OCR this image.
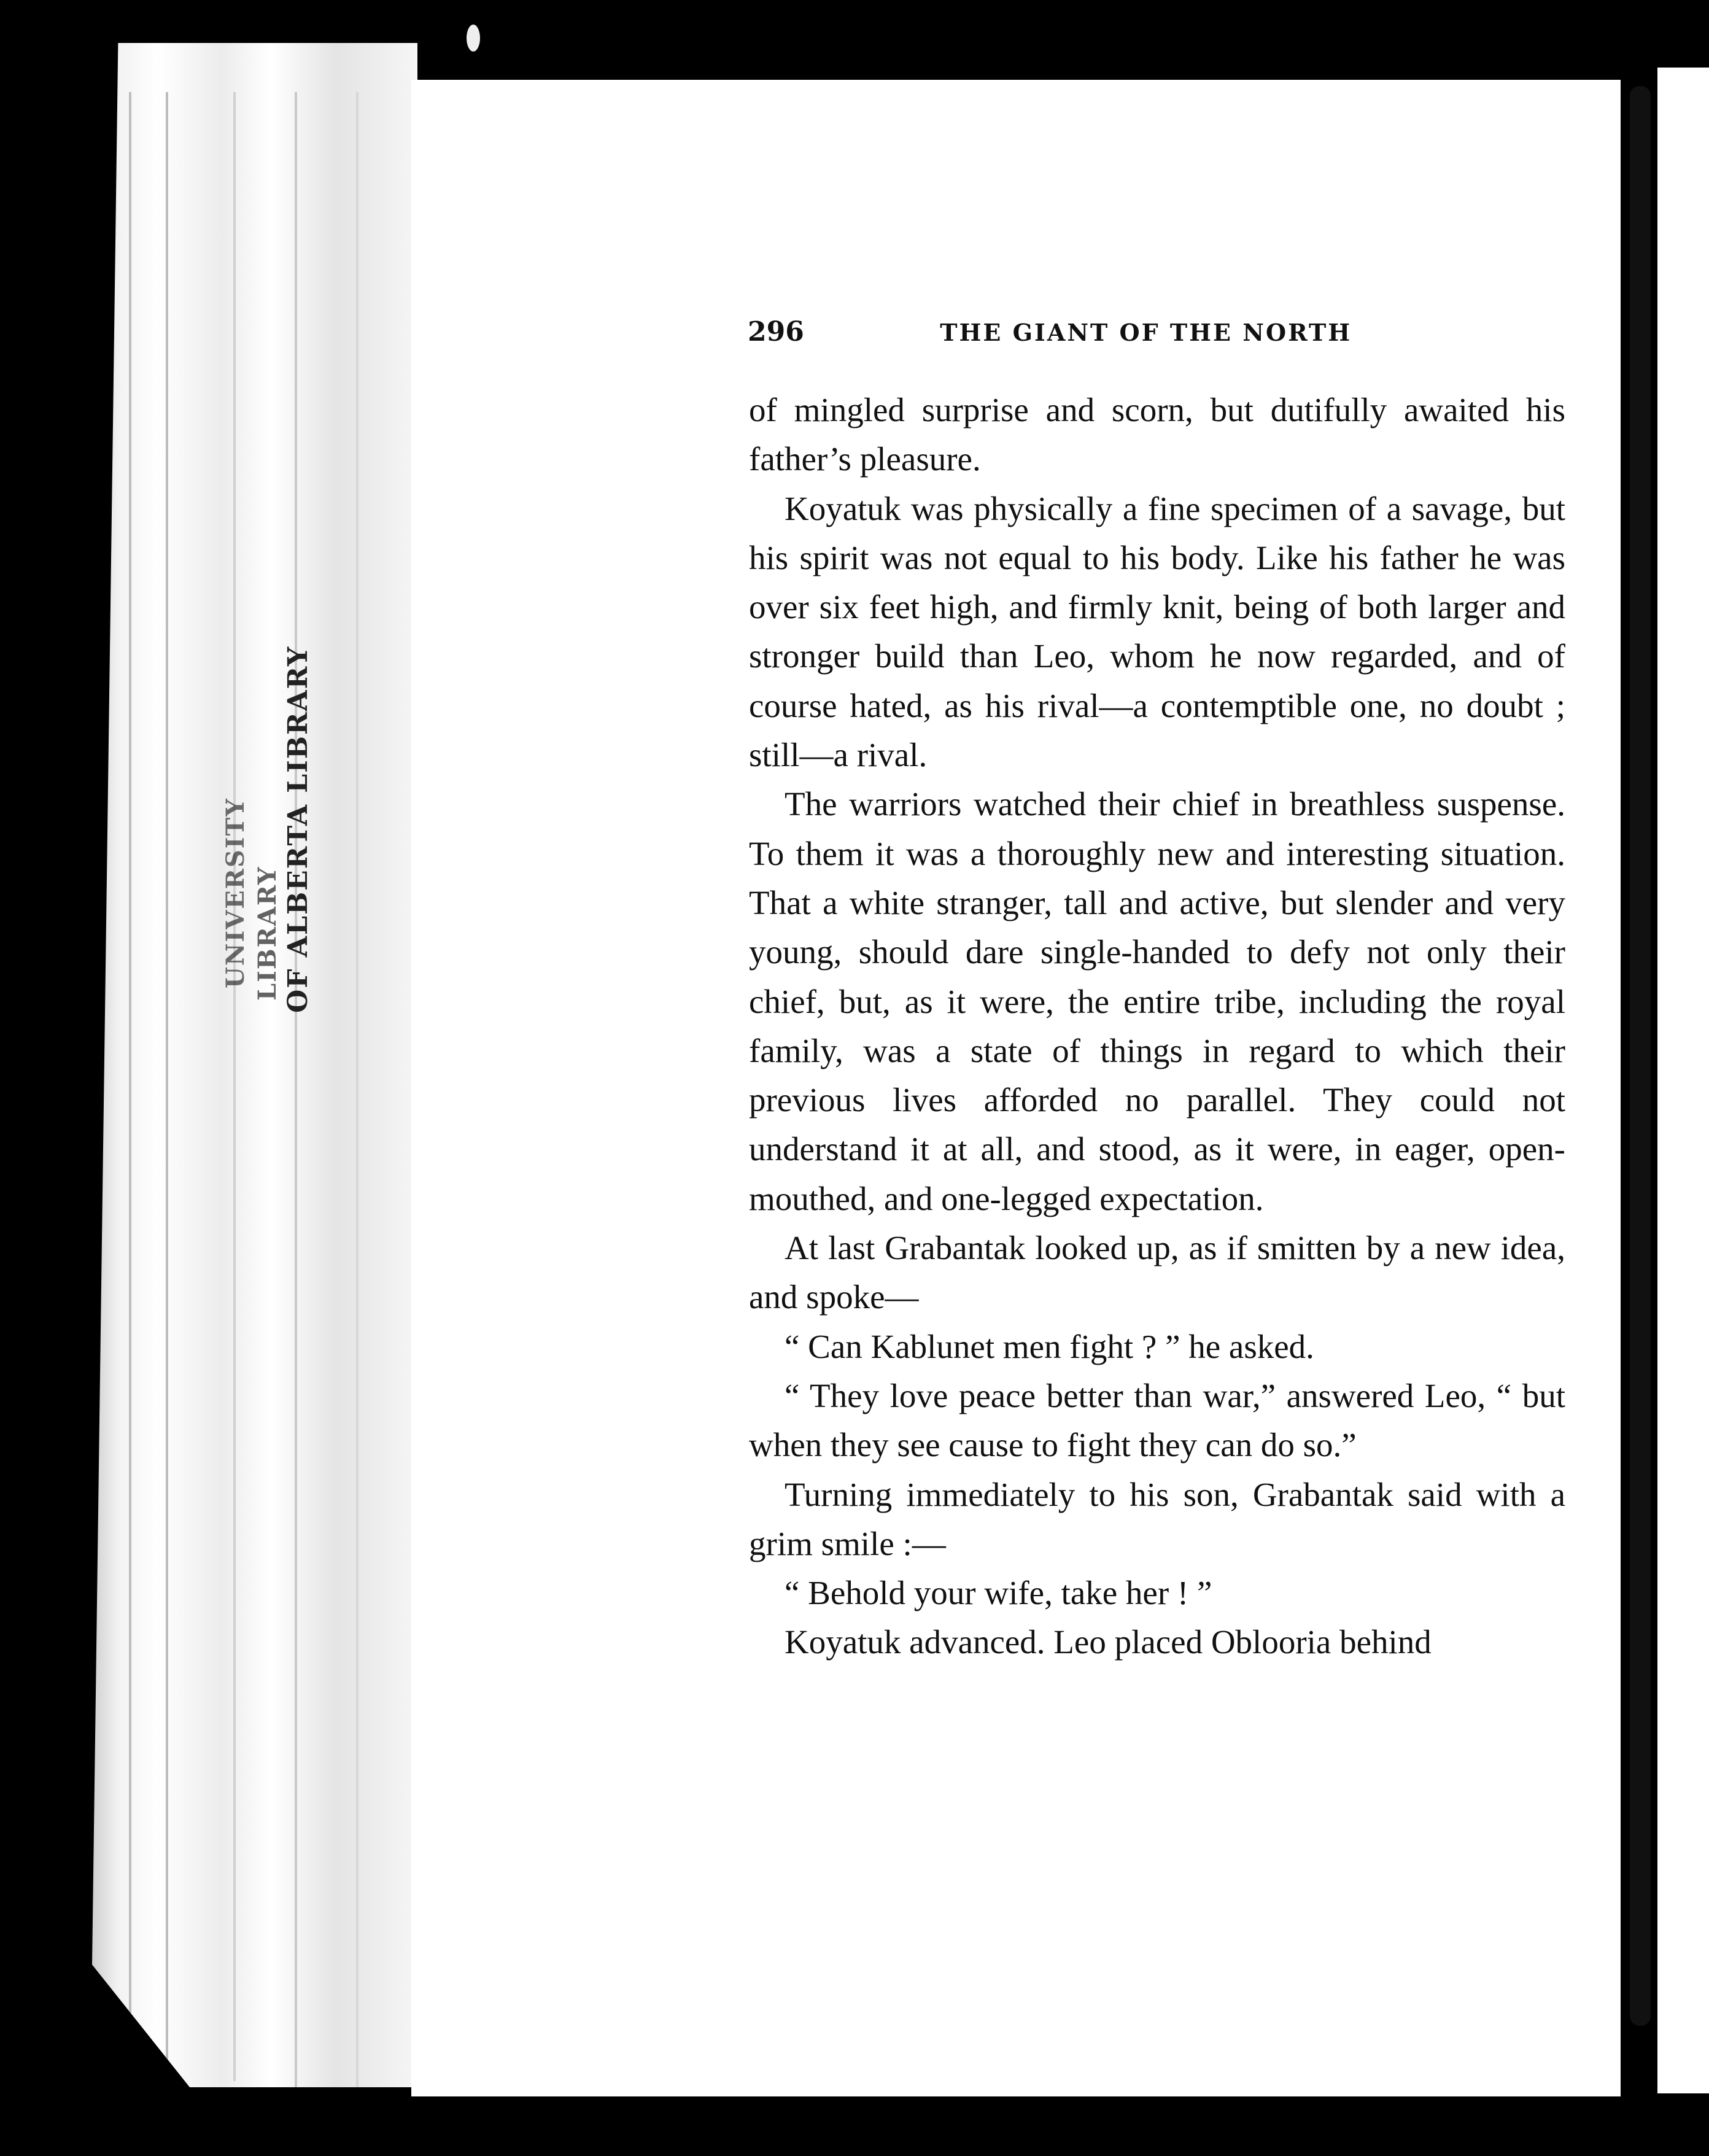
UNIVERSITY LIBRARY OF ALBERTA LIBRARY
296	THE GIANT OF THE NORTH

of mingled surprise and scorn, but dutifully awaited his father’s pleasure.

Koyatuk was physically a fine specimen of a savage, but his spirit was not equal to his body. Like his father he was over six feet high, and firmly knit, being of both larger and stronger build than Leo, whom he now regarded, and of course hated, as his rival—a contemptible one, no doubt ; still—a rival.

The warriors watched their chief in breathless suspense. To them it was a thoroughly new and interesting situation. That a white stranger, tall and active, but slender and very young, should dare single-handed to defy not only their chief, but, as it were, the entire tribe, including the royal family, was a state of things in regard to which their previous lives afforded no parallel. They could not understand it at all, and stood, as it were, in eager, open-mouthed, and one-legged expectation.

At last Grabantak looked up, as if smitten by a new idea, and spoke—

“ Can Kablunet men fight ? ” he asked.

“ They love peace better than war,” answered Leo, “ but when they see cause to fight they can do so.”

Turning immediately to his son, Grabantak said with a grim smile :—

“ Behold your wife, take her ! ”

Koyatuk advanced. Leo placed Oblooria behind
